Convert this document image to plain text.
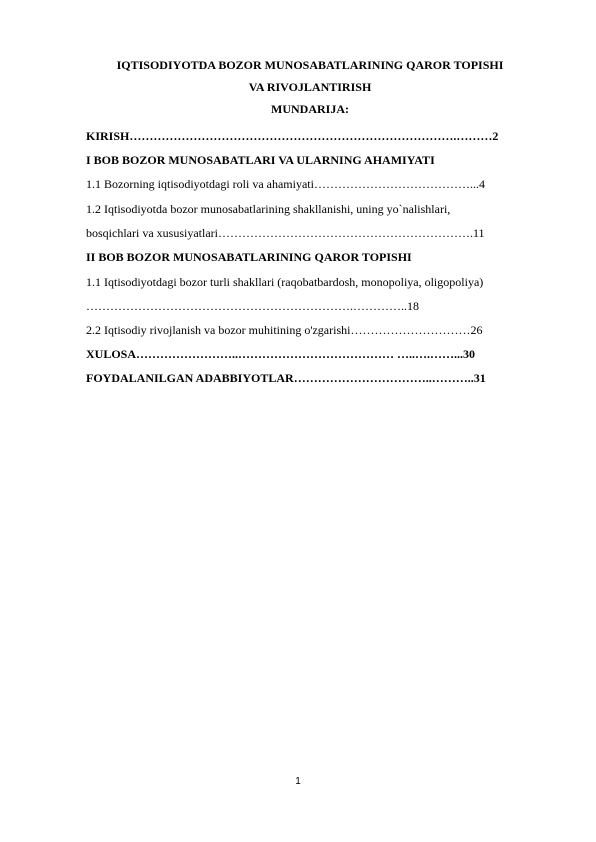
IQTISODIYOTDA BOZOR MUNOSABATLARINING QAROR TOPISHI
VA RIVOJLANTIRISH
MUNDARIJA:
KIRISH……………………………………………………………………….………2
I BOB BOZOR MUNOSABATLARI VA ULARNING AHAMIYATI
1.1 Bozorning iqtisodiyotdagi roli va ahamiyati…………………………………...4
1.2 Iqtisodiyotda bozor munosabatlarining shakllanishi, uning yo`nalishlari,
bosqichlari va xususiyatlari……………………………………………………….11
II BOB BOZOR MUNOSABATLARINING QAROR TOPISHI
1.1 Iqtisodiyotdagi bozor turli shakllari (raqobatbardosh, monopoliya, oligopoliya)
………………………………………………………….…………..18
2.2 Iqtisodiy rivojlanish va bozor muhitining o'zgarishi…………………………26
XULOSA……………………..………………………………… …..….……...30
FOYDALANILGAN ADABBIYOTLAR……………………………..………..31
1
